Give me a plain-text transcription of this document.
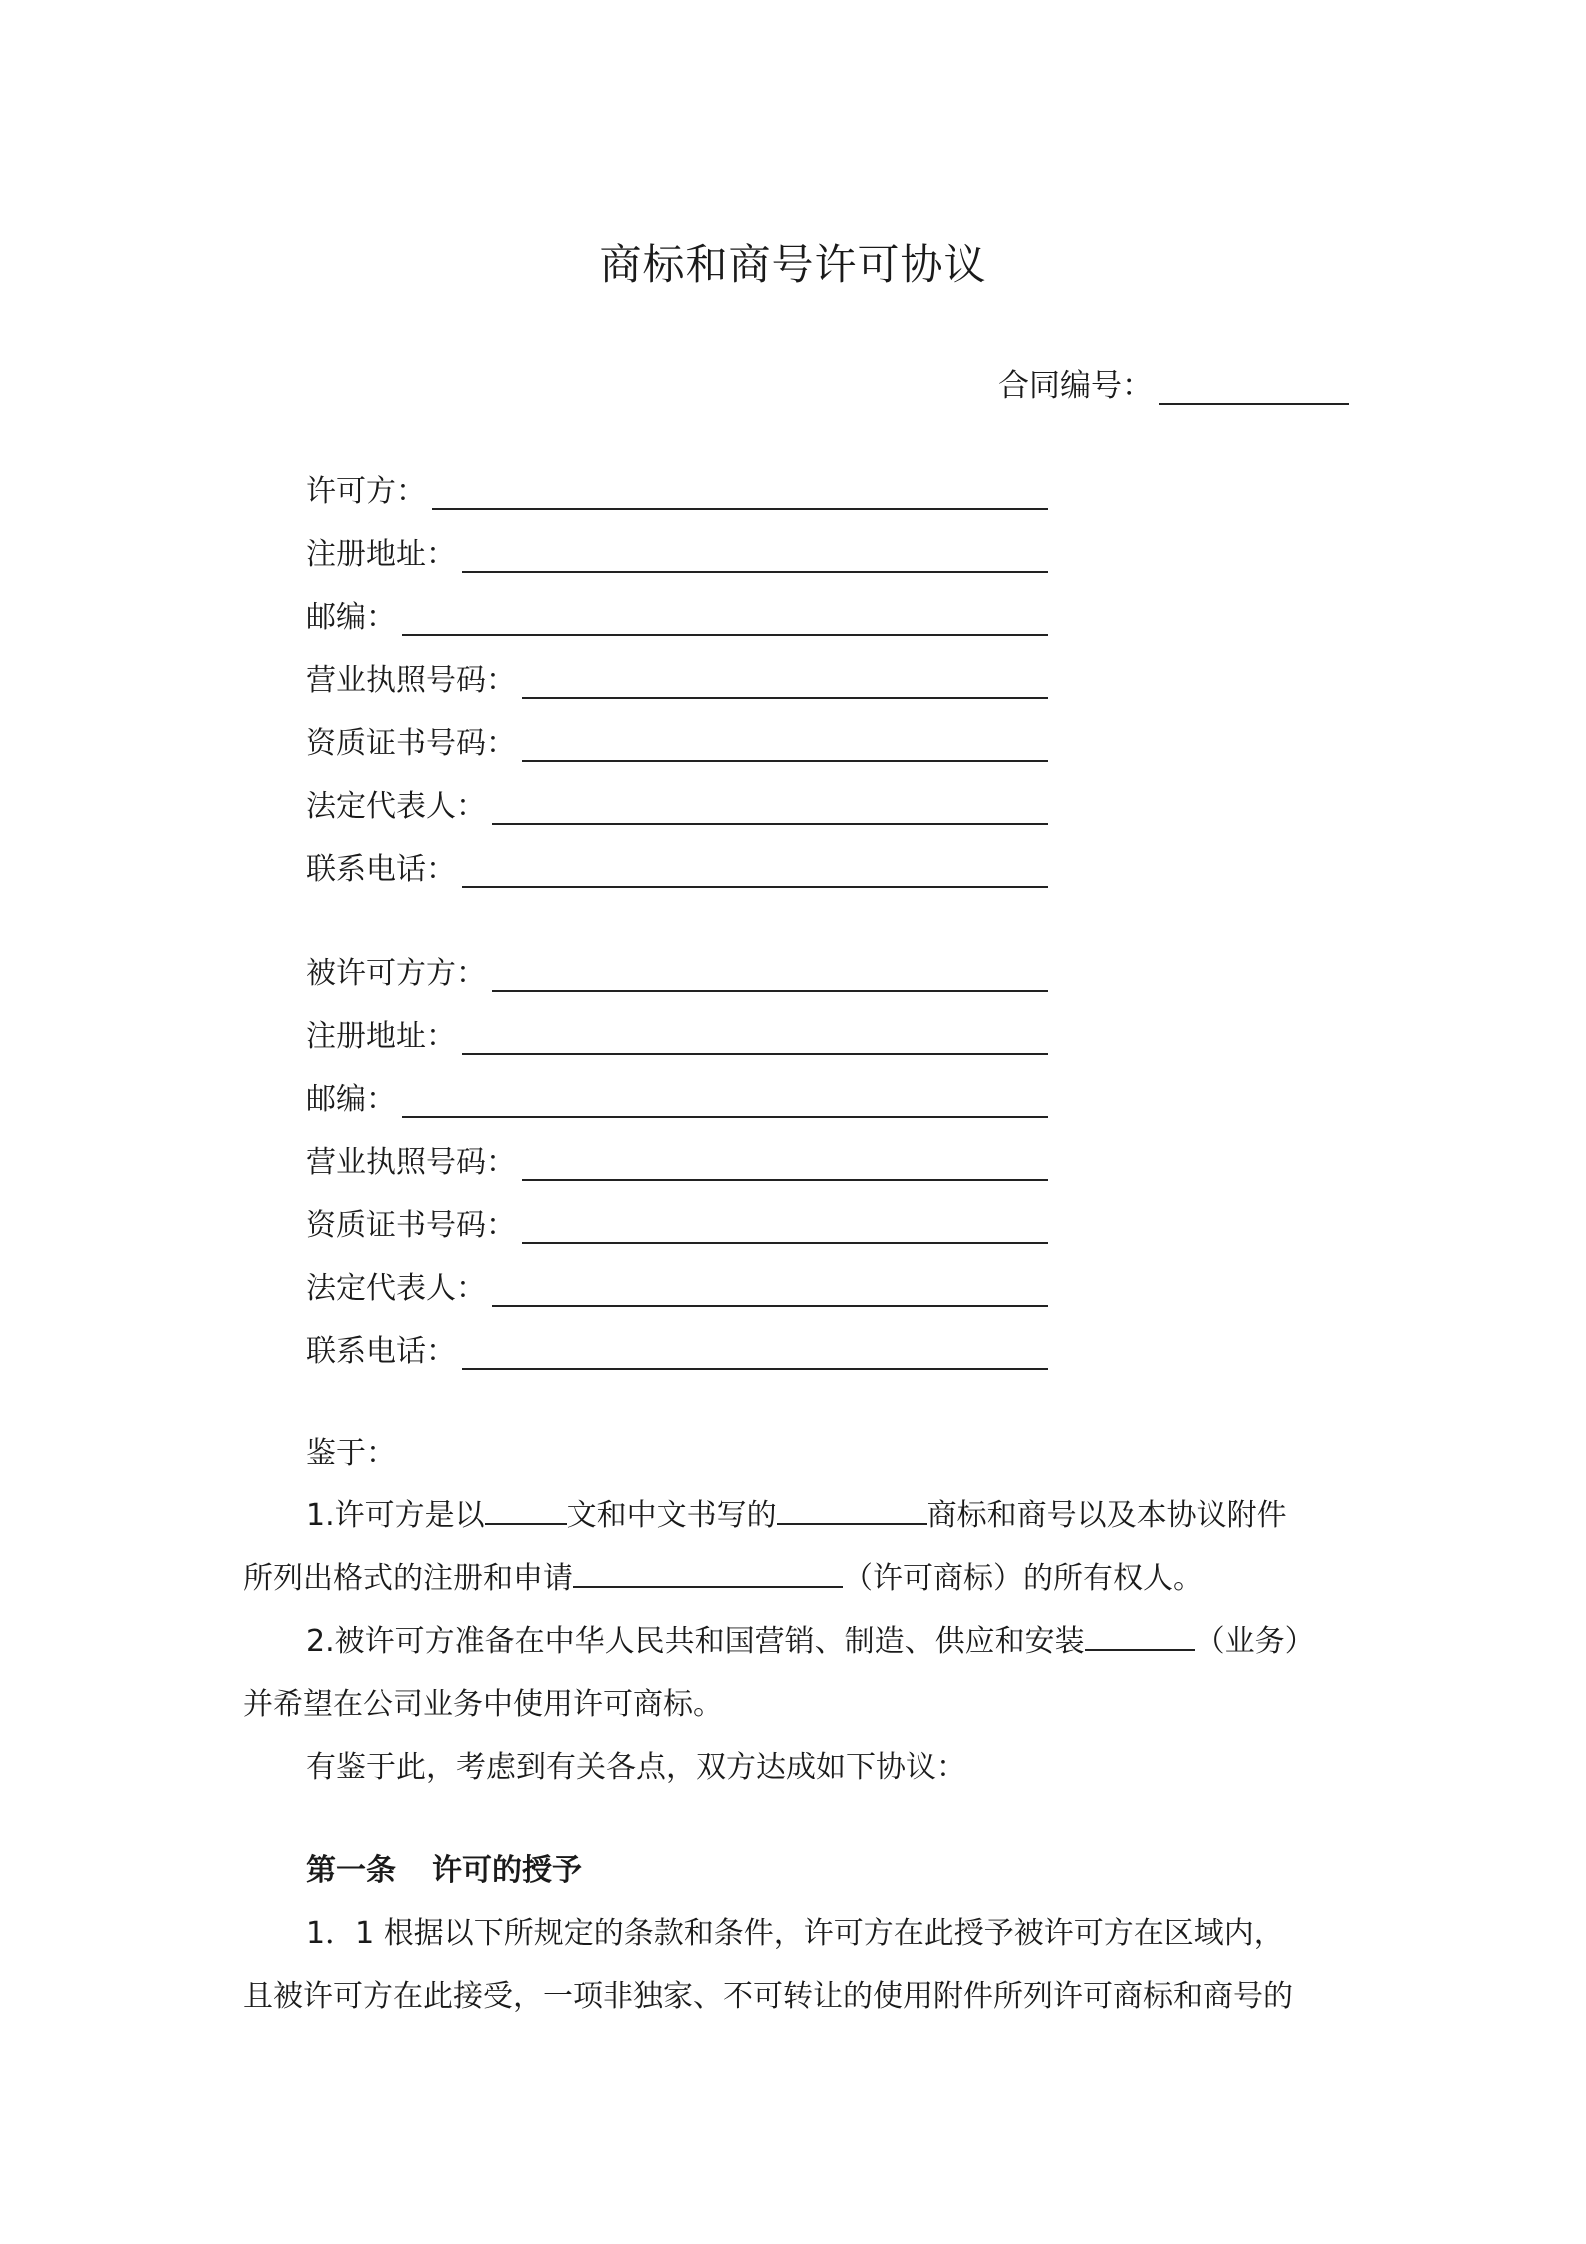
商标和商号许可协议
合同编号：
许可方：
注册地址：
邮编：
营业执照号码：
资质证书号码：
法定代表人：
联系电话：
被许可方方：
注册地址：
邮编：
营业执照号码：
资质证书号码：
法定代表人：
联系电话：
鉴于：
1.许可方是以	文和中文书写的	商标和商号以及本协议附件
所列出格式的注册和申请	（许可商标）的所有权人。
2.被许可方准备在中华人民共和国营销、制造、供应和安装	（业务）
并希望在公司业务中使用许可商标。
有鉴于此，考虑到有关各点，双方达成如下协议：
第一条 许可的授予
1．1 根据以下所规定的条款和条件，许可方在此授予被许可方在区域内，
且被许可方在此接受，一项非独家、不可转让的使用附件所列许可商标和商号的
